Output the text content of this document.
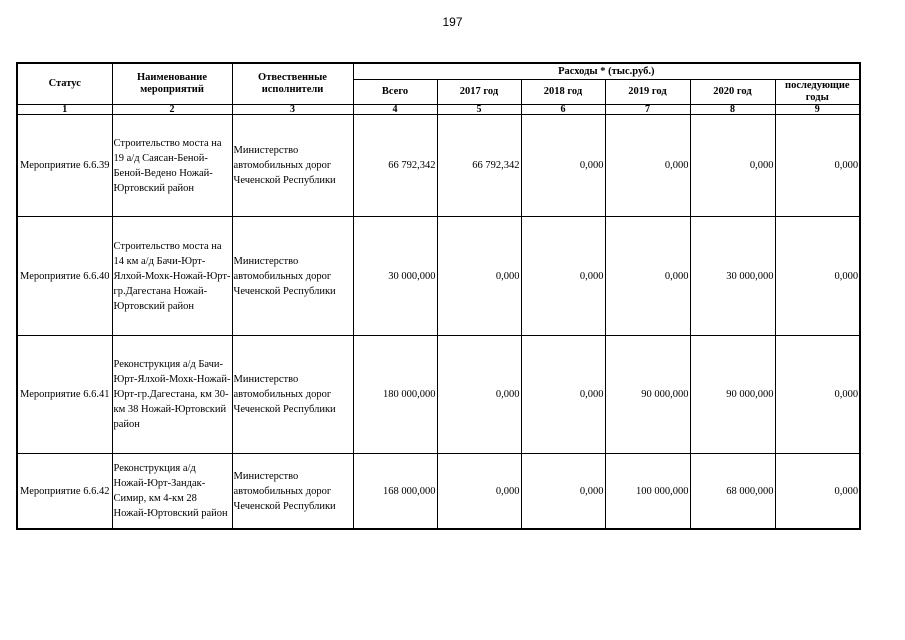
197
Статус	Наименование мероприятий	Отвественные исполнители	Расходы * (тыс.руб.)					
			Всего	2017 год	2018 год	2019 год	2020 год	последующие годы
1	2	3	4	5	6	7	8	9
Мероприятие 6.6.39	Строительство моста на 19 а/д Саясан-Беной-Беной-Ведено Ножай-Юртовский район	Министерство автомобильных дорог Чеченской Республики	66 792,342	66 792,342	0,000	0,000	0,000	0,000
Мероприятие 6.6.40	Строительство моста на 14 км а/д Бачи-Юрт-Ялхой-Мохк-Ножай-Юрт-гр.Дагестана Ножай-Юртовский район	Министерство автомобильных дорог Чеченской Республики	30 000,000	0,000	0,000	0,000	30 000,000	0,000
Мероприятие 6.6.41	Реконструкция а/д Бачи-Юрт-Ялхой-Мохк-Ножай-Юрт-гр.Дагестана, км 30-км 38 Ножай-Юртовский район	Министерство автомобильных дорог Чеченской Республики	180 000,000	0,000	0,000	90 000,000	90 000,000	0,000
Мероприятие 6.6.42	Реконструкция а/д Ножай-Юрт-Зандак-Симир, км 4-км 28 Ножай-Юртовский район	Министерство автомобильных дорог Чеченской Республики	168 000,000	0,000	0,000	100 000,000	68 000,000	0,000
